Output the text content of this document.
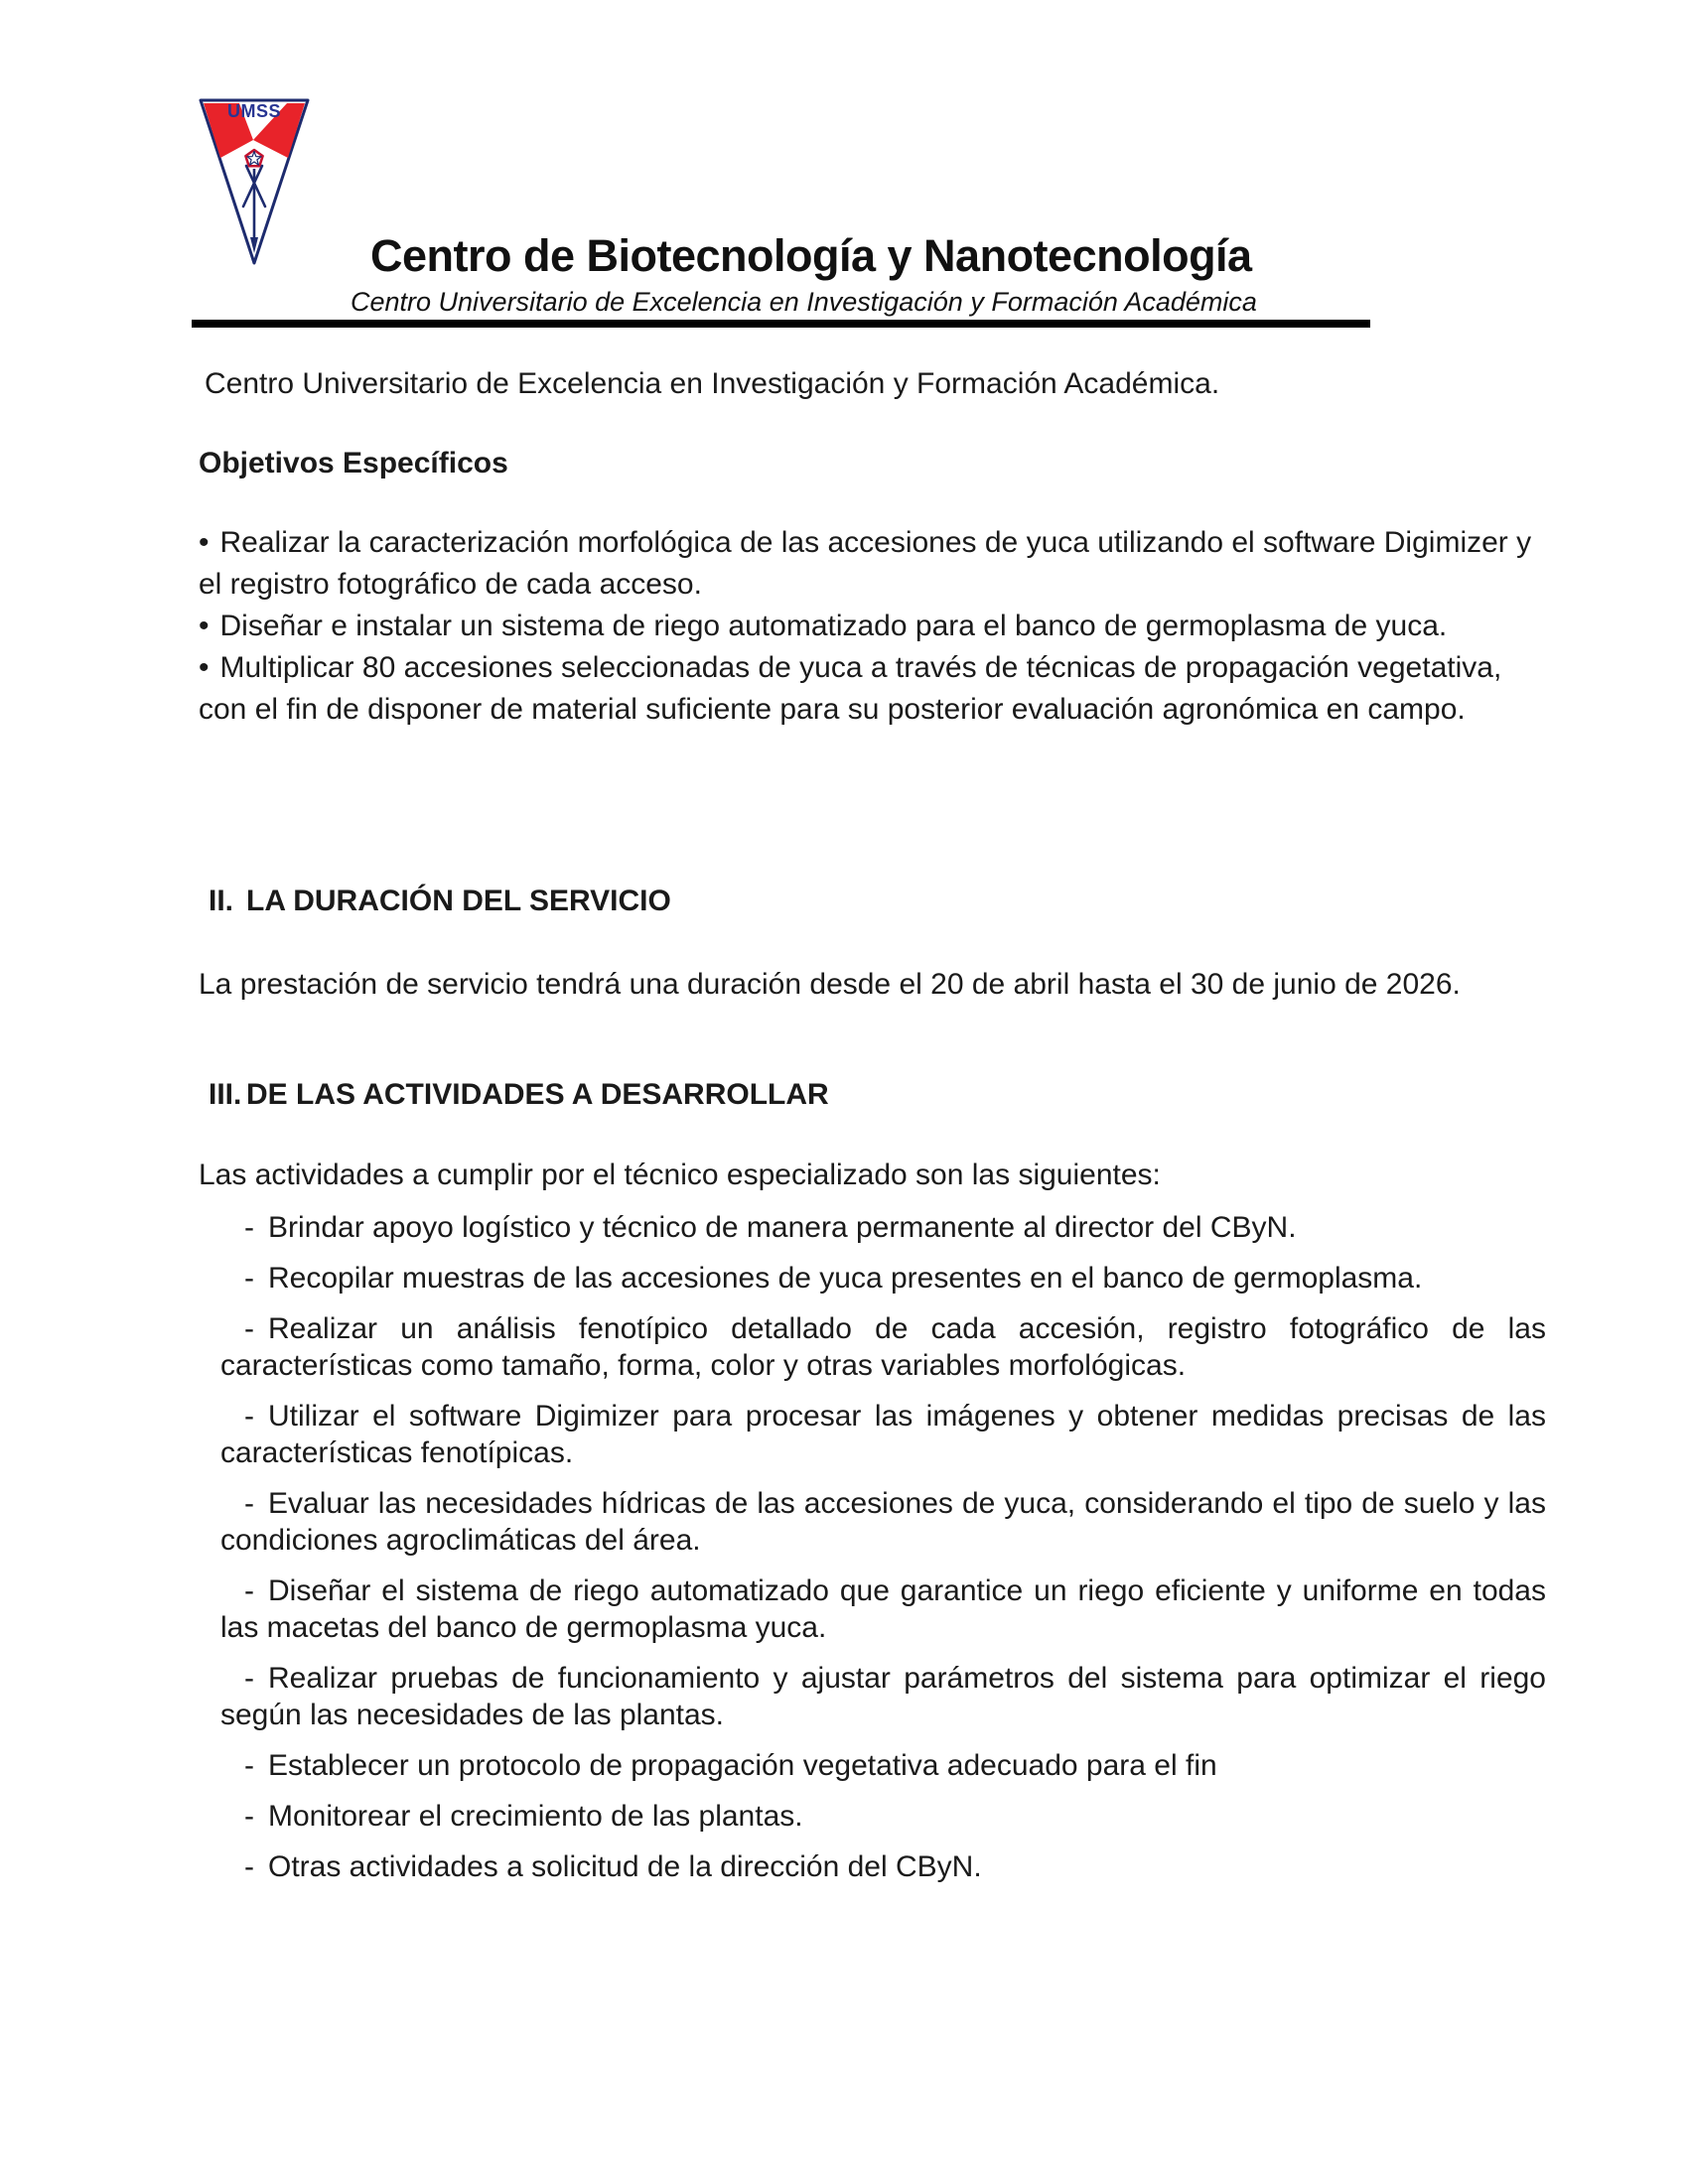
UMSS
Centro de Biotecnología y Nanotecnología
Centro Universitario de Excelencia en Investigación y Formación Académica
Centro Universitario de Excelencia en Investigación y Formación Académica.
Objetivos Específicos

• Realizar la caracterización morfológica de las accesiones de yuca utilizando el software Digimizer y el registro fotográfico de cada acceso.

• Diseñar e instalar un sistema de riego automatizado para el banco de germoplasma de yuca.

• Multiplicar 80 accesiones seleccionadas de yuca a través de técnicas de propagación vegetativa, con el fin de disponer de material suficiente para su posterior evaluación agronómica en campo.

II. LA DURACIÓN DEL SERVICIO
La prestación de servicio tendrá una duración desde el 20 de abril hasta el 30 de junio de 2026.
III. DE LAS ACTIVIDADES A DESARROLLAR
Las actividades a cumplir por el técnico especializado son las siguientes:

- Brindar apoyo logístico y técnico de manera permanente al director del CByN.

- Recopilar muestras de las accesiones de yuca presentes en el banco de germoplasma.

- Realizar un análisis fenotípico detallado de cada accesión, registro fotográfico de las características como tamaño, forma, color y otras variables morfológicas.

- Utilizar el software Digimizer para procesar las imágenes y obtener medidas precisas de las características fenotípicas.

- Evaluar las necesidades hídricas de las accesiones de yuca, considerando el tipo de suelo y las condiciones agroclimáticas del área.

- Diseñar el sistema de riego automatizado que garantice un riego eficiente y uniforme en todas las macetas del banco de germoplasma yuca.

- Realizar pruebas de funcionamiento y ajustar parámetros del sistema para optimizar el riego según las necesidades de las plantas.

- Establecer un protocolo de propagación vegetativa adecuado para el fin

- Monitorear el crecimiento de las plantas.

- Otras actividades a solicitud de la dirección del CByN.
